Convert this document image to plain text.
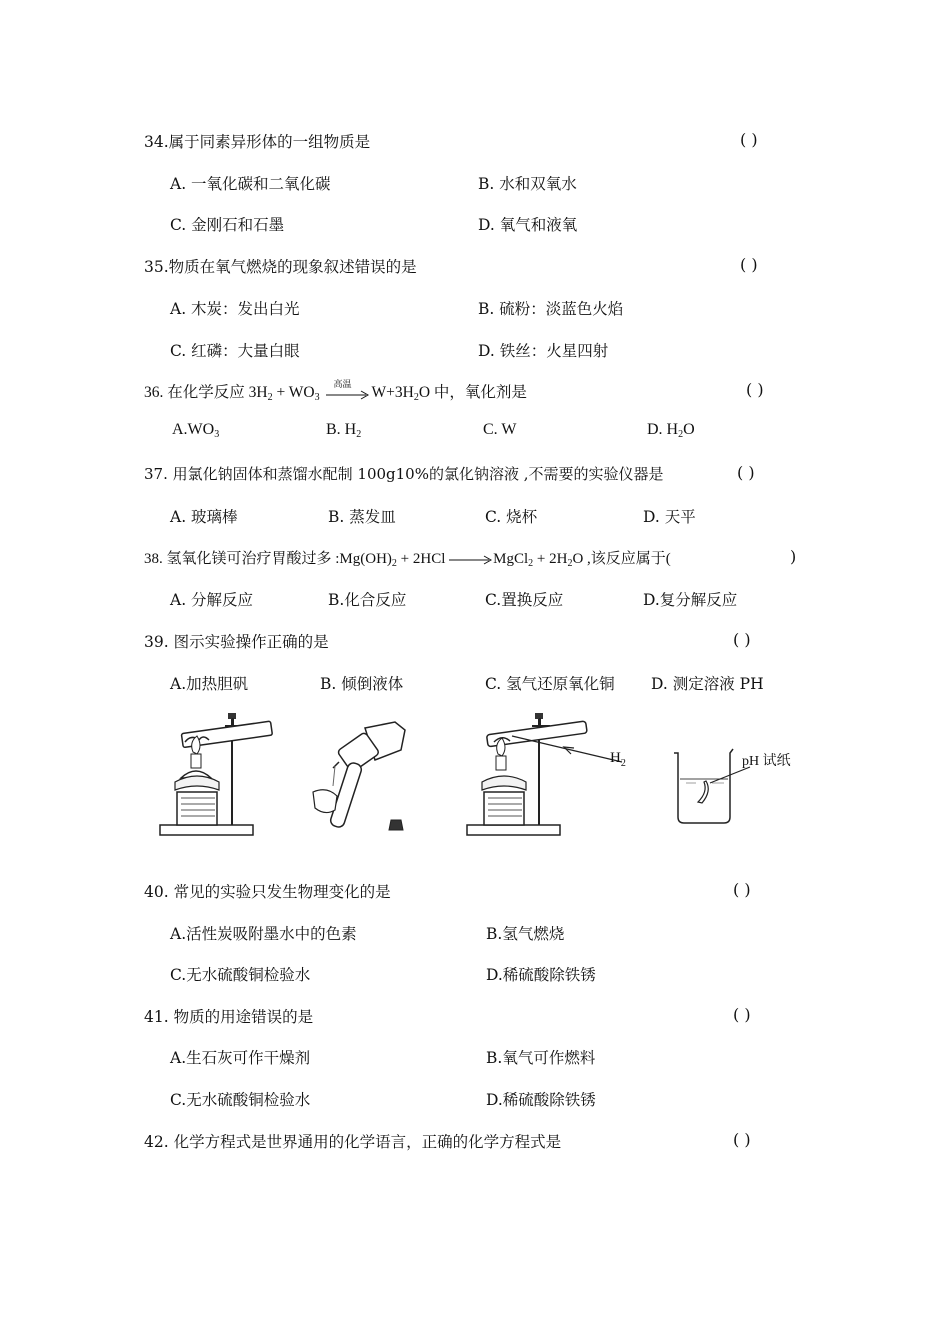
34.属于同素异形体的一组物质是	( )
A. 一氧化碳和二氧化碳	B. 水和双氧水
C. 金刚石和石墨	D. 氧气和液氧
35.物质在氧气燃烧的现象叙述错误的是	( )
A. 木炭：发出白光	B. 硫粉：淡蓝色火焰
C. 红磷：大量白眼	D. 铁丝：火星四射
36. 在化学反应 $3H_2 + WO_3$
高温 $W+3H_2O$ 中，氧化剂是	( )
$A.WO_3$	B. $H_2$	C. W	D. $H_2O$
37. 用氯化钠固体和蒸馏水配制 100g10%的氯化钠溶液 ,不需要的实验仪器是	( )
A. 玻璃棒	B. 蒸发皿	C. 烧杯	D. 天平
38. 氢氧化镁可治疗胃酸过多 $:Mg(OH)_2 + 2HCl$	MgCl$_2$ + $2H_2O$ ,该反应属于(	)
A. 分解反应	B.化合反应	C.置换反应	D.复分解反应
39. 图示实验操作正确的是	( )
A.加热胆矾	B. 倾倒液体	C. 氢气还原氧化铜 D. 测定溶液 PH
$H_2$	pH 试纸
40. 常见的实验只发生物理变化的是	( )
A.活性炭吸附墨水中的色素	B.氢气燃烧
C.无水硫酸铜检验水	D.稀硫酸除铁锈
41. 物质的用途错误的是	( )
A.生石灰可作干燥剂	B.氧气可作燃料
C.无水硫酸铜检验水	D.稀硫酸除铁锈
42. 化学方程式是世界通用的化学语言，正确的化学方程式是	( )
